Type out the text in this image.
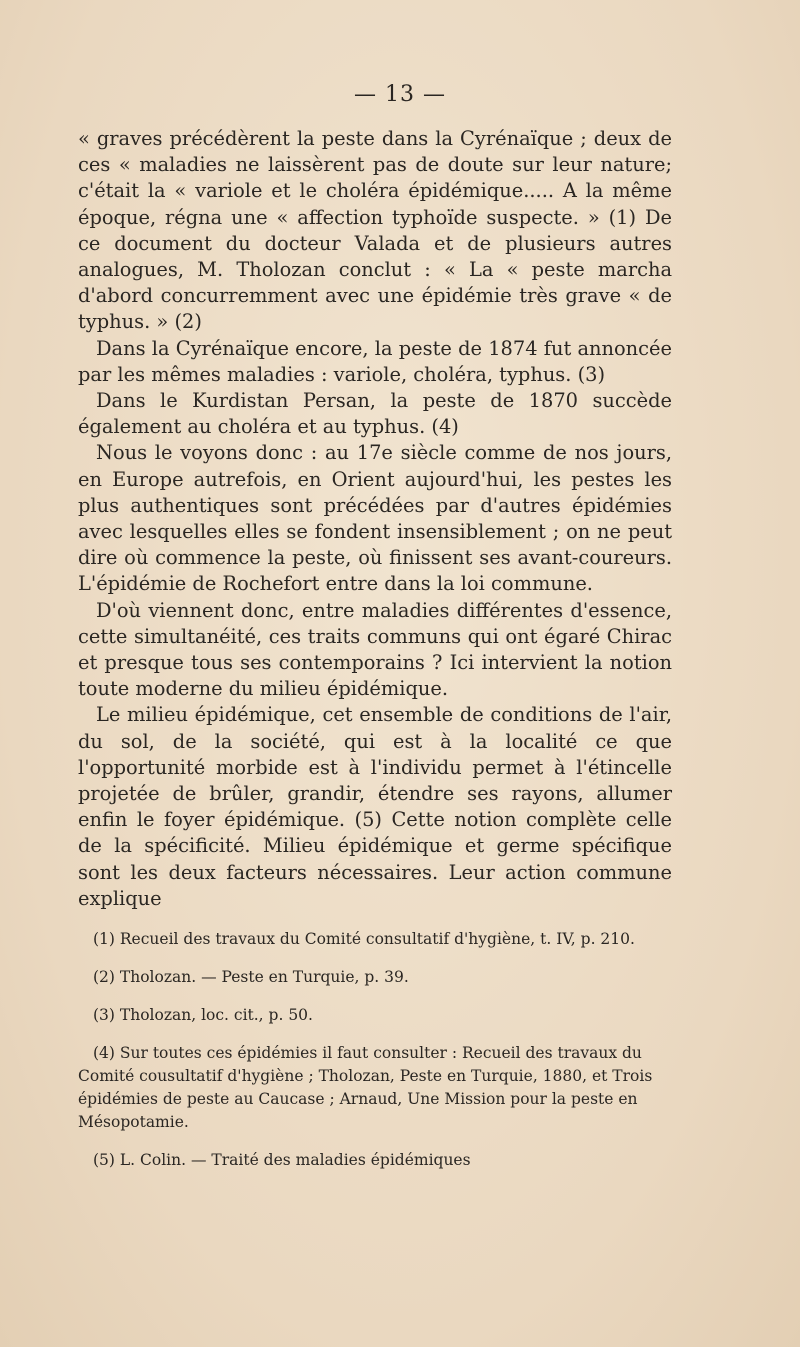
— 13 —

« graves précédèrent la peste dans la Cyrénaïque ; deux de ces « maladies ne laissèrent pas de doute sur leur nature; c'était la « variole et le choléra épidémique..... A la même époque, régna une « affection typhoïde suspecte. » (1) De ce document du docteur Valada et de plusieurs autres analogues, M. Tholozan conclut : « La « peste marcha d'abord concurremment avec une épidémie très grave « de typhus. » (2)

Dans la Cyrénaïque encore, la peste de 1874 fut annoncée par les mêmes maladies : variole, choléra, typhus. (3)

Dans le Kurdistan Persan, la peste de 1870 succède également au choléra et au typhus. (4)

Nous le voyons donc : au 17e siècle comme de nos jours, en Europe autrefois, en Orient aujourd'hui, les pestes les plus authentiques sont précédées par d'autres épidémies avec lesquelles elles se fondent insensiblement ; on ne peut dire où commence la peste, où finissent ses avant-coureurs. L'épidémie de Rochefort entre dans la loi commune.

D'où viennent donc, entre maladies différentes d'essence, cette simultanéité, ces traits communs qui ont égaré Chirac et presque tous ses contemporains ? Ici intervient la notion toute moderne du milieu épidémique.

Le milieu épidémique, cet ensemble de conditions de l'air, du sol, de la société, qui est à la localité ce que l'opportunité morbide est à l'individu permet à l'étincelle projetée de brûler, grandir, étendre ses rayons, allumer enfin le foyer épidémique. (5) Cette notion complète celle de la spécificité. Milieu épidémique et germe spécifique sont les deux facteurs nécessaires. Leur action commune explique

(1) Recueil des travaux du Comité consultatif d'hygiène, t. IV, p. 210.

(2) Tholozan. — Peste en Turquie, p. 39.

(3) Tholozan, loc. cit., p. 50.

(4) Sur toutes ces épidémies il faut consulter : Recueil des travaux du Comité cousultatif d'hygiène ; Tholozan, Peste en Turquie, 1880, et Trois épidémies de peste au Caucase ; Arnaud, Une Mission pour la peste en Mésopotamie.

(5) L. Colin. — Traité des maladies épidémiques
